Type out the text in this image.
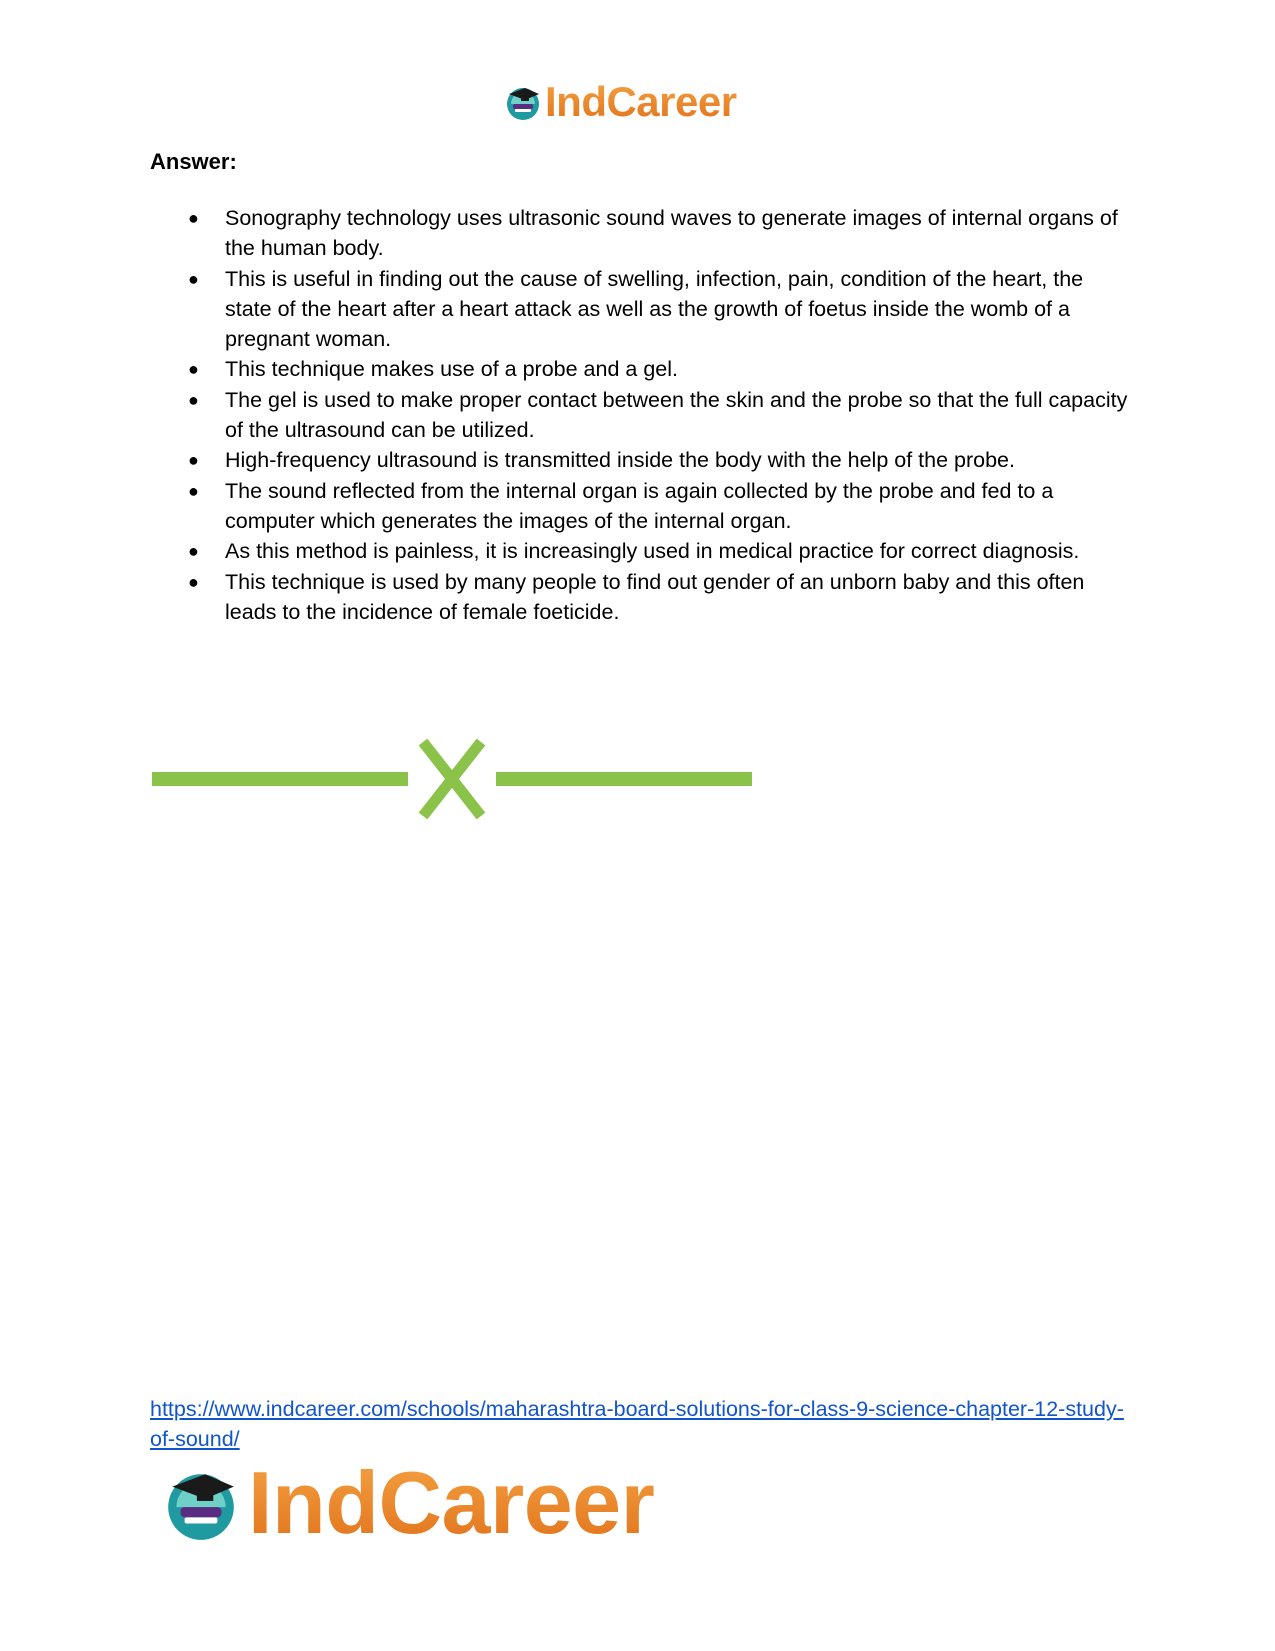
IndCareer

Answer:

● Sonography technology uses ultrasonic sound waves to generate images of internal organs of the human body.
● This is useful in finding out the cause of swelling, infection, pain, condition of the heart, the state of the heart after a heart attack as well as the growth of foetus inside the womb of a pregnant woman.
● This technique makes use of a probe and a gel.
● The gel is used to make proper contact between the skin and the probe so that the full capacity of the ultrasound can be utilized.
● High-frequency ultrasound is transmitted inside the body with the help of the probe.
● The sound reflected from the internal organ is again collected by the probe and fed to a computer which generates the images of the internal organ.
● As this method is painless, it is increasingly used in medical practice for correct diagnosis.
● This technique is used by many people to find out gender of an unborn baby and this often leads to the incidence of female foeticide.
https://www.indcareer.com/schools/maharashtra-board-solutions-for-class-9-science-chapter-12-study-of-sound/
IndCareer
